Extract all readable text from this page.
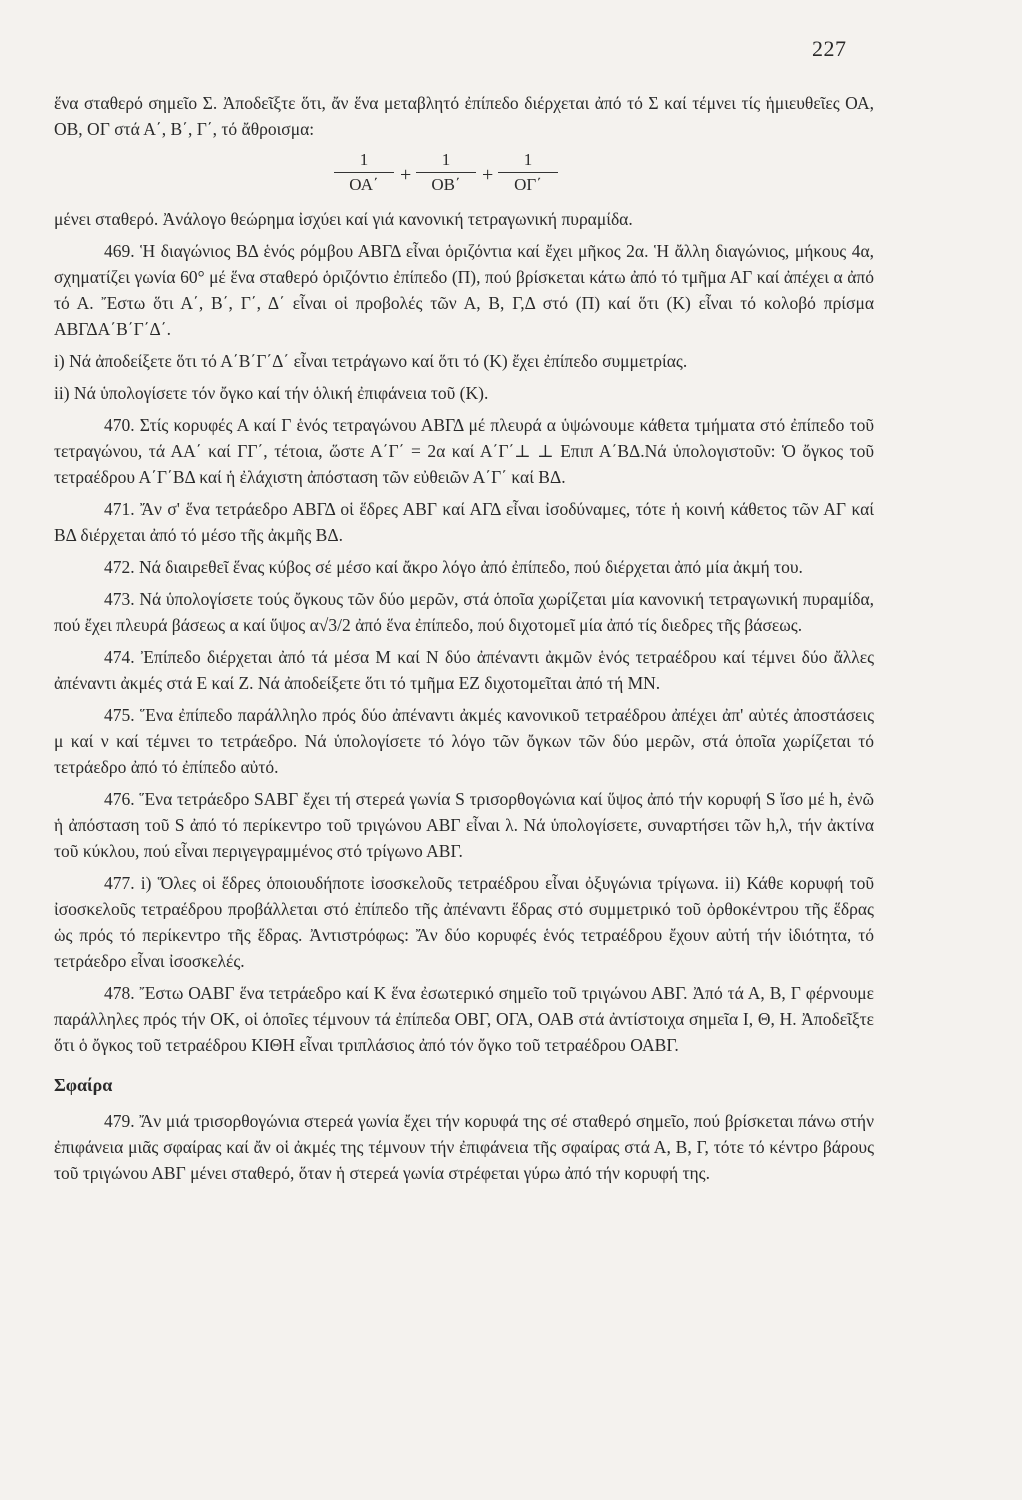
227

ἕνα σταθερό σημεῖο Σ. Ἀποδεῖξτε ὅτι, ἄν ἕνα μεταβλητό ἐπίπεδο διέρχεται ἀπό τό Σ καί τέμνει τίς ἡμιευθεῖες ΟΑ, ΟΒ, ΟΓ στά Α΄, Β΄, Γ΄, τό ἄθροισμα:

1
ΟΑ΄	+
1
ΟΒ΄	+
1
ΟΓ΄

μένει σταθερό. Ἀνάλογο θεώρημα ἰσχύει καί γιά κανονική τετραγωνική πυραμίδα.

469. Ἡ διαγώνιος ΒΔ ἑνός ρόμβου ΑΒΓΔ εἶναι ὁριζόντια καί ἔχει μῆκος 2α. Ἡ ἄλλη διαγώνιος, μήκους 4α, σχηματίζει γωνία 60° μέ ἕνα σταθερό ὁριζόντιο ἐπίπεδο (Π), πού βρίσκεται κάτω ἀπό τό τμῆμα ΑΓ καί ἀπέχει α ἀπό τό Α. Ἔστω ὅτι Α΄, Β΄, Γ΄, Δ΄ εἶναι οἱ προβολές τῶν Α, Β, Γ,Δ στό (Π) καί ὅτι (Κ) εἶναι τό κολοβό πρίσμα ΑΒΓΔΑ΄Β΄Γ΄Δ΄.

i) Νά ἀποδείξετε ὅτι τό Α΄Β΄Γ΄Δ΄ εἶναι τετράγωνο καί ὅτι τό (Κ) ἔχει ἐπίπεδο συμμετρίας.

ii) Νά ὑπολογίσετε τόν ὄγκο καί τήν ὁλική ἐπιφάνεια τοῦ (Κ).

470. Στίς κορυφές Α καί Γ ἑνός τετραγώνου ΑΒΓΔ μέ πλευρά α ὑψώνουμε κάθετα τμήματα στό ἐπίπεδο τοῦ τετραγώνου, τά ΑΑ΄ καί ΓΓ΄, τέτοια, ὥστε Α΄Γ΄ = 2α καί Α΄Γ΄⊥ ⊥ Επιπ Α΄ΒΔ.Νά ὑπολογιστοῦν: Ὁ ὄγκος τοῦ τετραέδρου Α΄Γ΄ΒΔ καί ἡ ἐλάχιστη ἀπόσταση τῶν εὐθειῶν Α΄Γ΄ καί ΒΔ.

471. Ἄν σ' ἕνα τετράεδρο ΑΒΓΔ οἱ ἕδρες ΑΒΓ καί ΑΓΔ εἶναι ἰσοδύναμες, τότε ἡ κοινή κάθετος τῶν ΑΓ καί ΒΔ διέρχεται ἀπό τό μέσο τῆς ἀκμῆς ΒΔ.

472. Νά διαιρεθεῖ ἕνας κύβος σέ μέσο καί ἄκρο λόγο ἀπό ἐπίπεδο, πού διέρχεται ἀπό μία ἀκμή του.

473. Νά ὑπολογίσετε τούς ὄγκους τῶν δύο μερῶν, στά ὁποῖα χωρίζεται μία κανονική τετραγωνική πυραμίδα, πού ἔχει πλευρά βάσεως α καί ὕψος α√3/2 ἀπό ἕνα ἐπίπεδο, πού διχοτομεῖ μία ἀπό τίς διεδρες τῆς βάσεως.

474. Ἐπίπεδο διέρχεται ἀπό τά μέσα Μ καί Ν δύο ἀπέναντι ἀκμῶν ἑνός τετραέδρου καί τέμνει δύο ἄλλες ἀπέναντι ἀκμές στά Ε καί Ζ. Νά ἀποδείξετε ὅτι τό τμῆμα ΕΖ διχοτομεῖται ἀπό τή ΜΝ.

475. Ἕνα ἐπίπεδο παράλληλο πρός δύο ἀπέναντι ἀκμές κανονικοῦ τετραέδρου ἀπέχει ἀπ' αὐτές ἀποστάσεις μ καί ν καί τέμνει το τετράεδρο. Νά ὑπολογίσετε τό λόγο τῶν ὄγκων τῶν δύο μερῶν, στά ὁποῖα χωρίζεται τό τετράεδρο ἀπό τό ἐπίπεδο αὐτό.

476. Ἕνα τετράεδρο SΑΒΓ ἔχει τή στερεά γωνία S τρισορθογώνια καί ὕψος ἀπό τήν κορυφή S ἴσο μέ h, ἐνῶ ἡ ἀπόσταση τοῦ S ἀπό τό περίκεντρο τοῦ τριγώνου ΑΒΓ εἶναι λ. Νά ὑπολογίσετε, συναρτήσει τῶν h,λ, τήν ἀκτίνα τοῦ κύκλου, πού εἶναι περιγεγραμμένος στό τρίγωνο ΑΒΓ.

477. i) Ὅλες οἱ ἕδρες ὁποιουδήποτε ἰσοσκελοῦς τετραέδρου εἶναι ὀξυγώνια τρίγωνα. ii) Κάθε κορυφή τοῦ ἰσοσκελοῦς τετραέδρου προβάλλεται στό ἐπίπεδο τῆς ἀπέναντι ἕδρας στό συμμετρικό τοῦ ὀρθοκέντρου τῆς ἕδρας ὡς πρός τό περίκεντρο τῆς ἕδρας. Ἀντιστρόφως: Ἄν δύο κορυφές ἑνός τετραέδρου ἔχουν αὐτή τήν ἰδιότητα, τό τετράεδρο εἶναι ἰσοσκελές.

478. Ἔστω ΟΑΒΓ ἕνα τετράεδρο καί Κ ἕνα ἐσωτερικό σημεῖο τοῦ τριγώνου ΑΒΓ. Ἀπό τά Α, Β, Γ φέρνουμε παράλληλες πρός τήν ΟΚ, οἱ ὁποῖες τέμνουν τά ἐπίπεδα ΟΒΓ, ΟΓΑ, ΟΑΒ στά ἀντίστοιχα σημεῖα Ι, Θ, Η. Ἀποδεῖξτε ὅτι ὁ ὄγκος τοῦ τετραέδρου ΚΙΘΗ εἶναι τριπλάσιος ἀπό τόν ὄγκο τοῦ τετραέδρου ΟΑΒΓ.

Σφαίρα

479. Ἄν μιά τρισορθογώνια στερεά γωνία ἔχει τήν κορυφά της σέ σταθερό σημεῖο, πού βρίσκεται πάνω στήν ἐπιφάνεια μιᾶς σφαίρας καί ἄν οἱ ἀκμές της τέμνουν τήν ἐπιφάνεια τῆς σφαίρας στά Α, Β, Γ, τότε τό κέντρο βάρους τοῦ τριγώνου ΑΒΓ μένει σταθερό, ὅταν ἡ στερεά γωνία στρέφεται γύρω ἀπό τήν κορυφή της.
